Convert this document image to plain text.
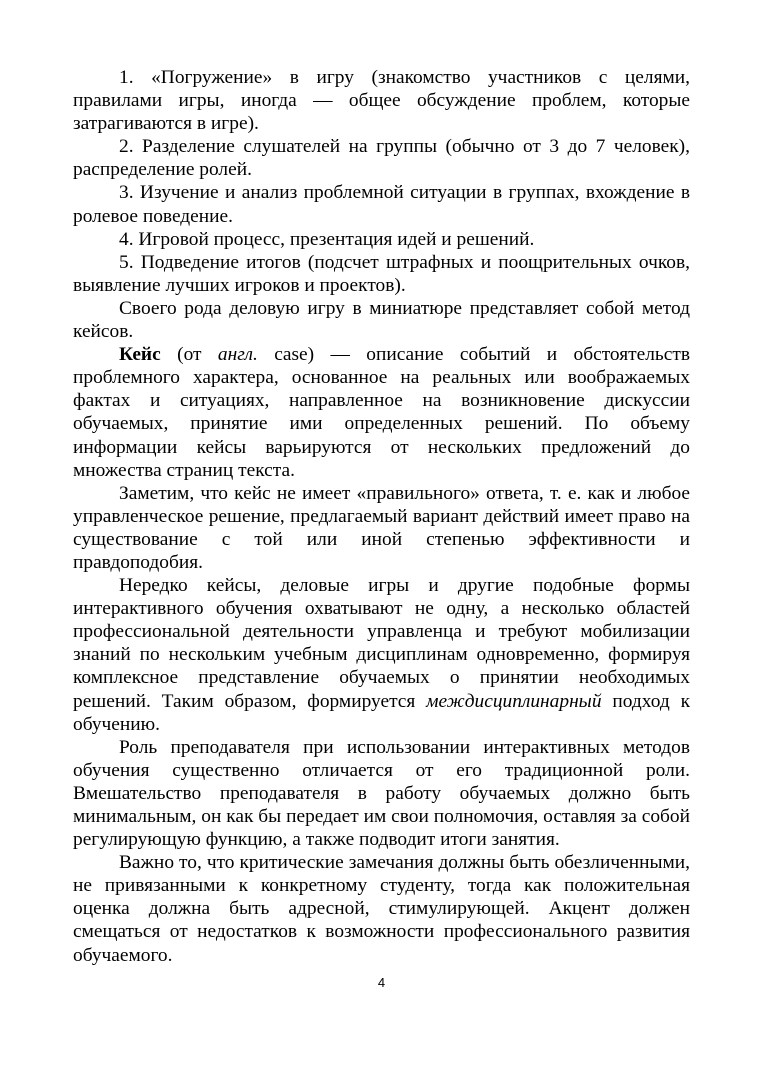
1. «Погружение» в игру (знакомство участников с целями, правилами игры, иногда — общее обсуждение проблем, которые затрагиваются в игре).

2. Разделение слушателей на группы (обычно от 3 до 7 человек), распределение ролей.

3. Изучение и анализ проблемной ситуации в группах, вхождение в ролевое поведение.

4. Игровой процесс, презентация идей и решений.

5. Подведение итогов (подсчет штрафных и поощрительных очков, выявление лучших игроков и проектов).

Своего рода деловую игру в миниатюре представляет собой метод кейсов.

Кейс (от англ. case) — описание событий и обстоятельств проблемного характера, основанное на реальных или воображаемых фактах и ситуациях, направленное на возникновение дискуссии обучаемых, принятие ими определенных решений. По объему информации кейсы варьируются от нескольких предложений до множества страниц текста.

Заметим, что кейс не имеет «правильного» ответа, т. е. как и любое управленческое решение, предлагаемый вариант действий имеет право на существование с той или иной степенью эффективности и правдоподобия.

Нередко кейсы, деловые игры и другие подобные формы интерактивного обучения охватывают не одну, а несколько областей профессиональной деятельности управленца и требуют мобилизации знаний по нескольким учебным дисциплинам одновременно, формируя комплексное представление обучаемых о принятии необходимых решений. Таким образом, формируется междисциплинарный подход к обучению.

Роль преподавателя при использовании интерактивных методов обучения существенно отличается от его традиционной роли. Вмешательство преподавателя в работу обучаемых должно быть минимальным, он как бы передает им свои полномочия, оставляя за собой регулирующую функцию, а также подводит итоги занятия.

Важно то, что критические замечания должны быть обезличенными, не привязанными к конкретному студенту, тогда как положительная оценка должна быть адресной, стимулирующей. Акцент должен смещаться от недостатков к возможности профессионального развития обучаемого.

4
